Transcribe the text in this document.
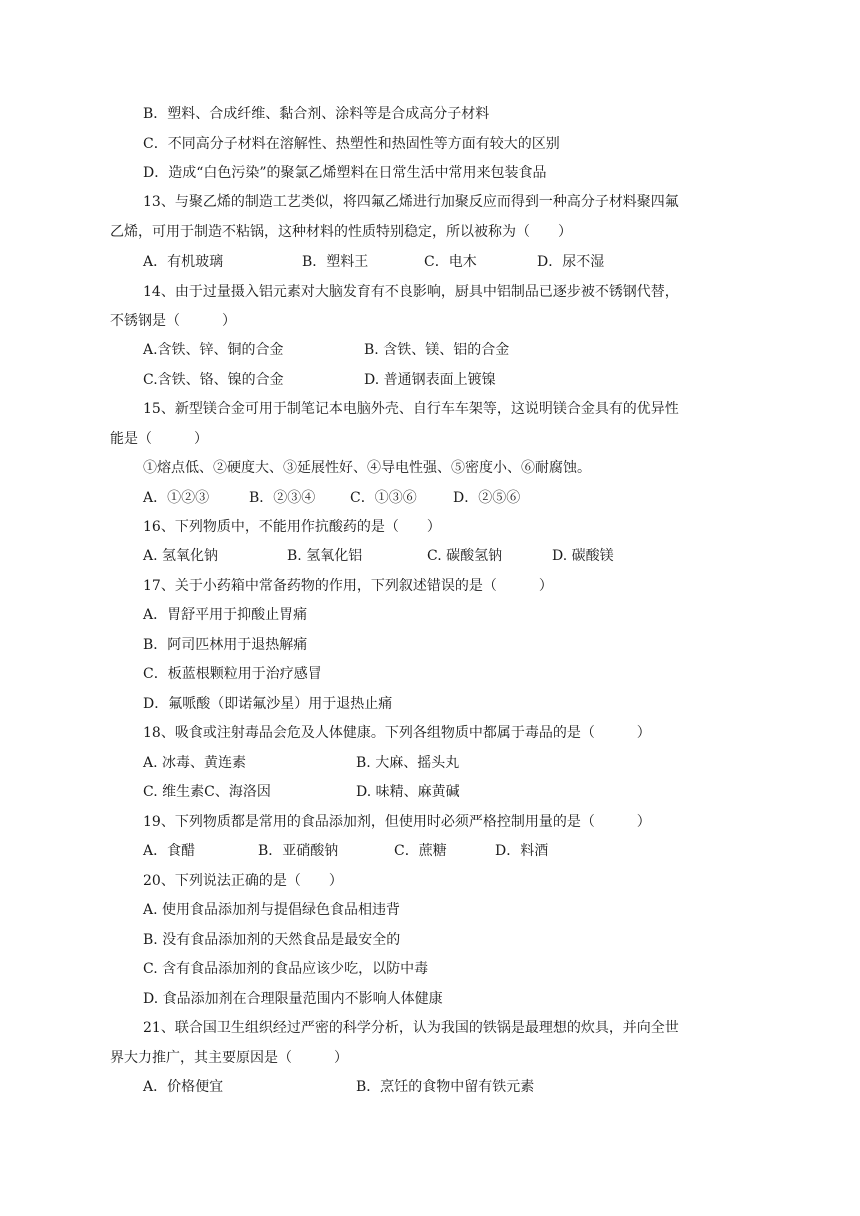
B．塑料、合成纤维、黏合剂、涂料等是合成高分子材料
C．不同高分子材料在溶解性、热塑性和热固性等方面有较大的区别
D．造成“白色污染”的聚氯乙烯塑料在日常生活中常用来包装食品
13、与聚乙烯的制造工艺类似，将四氟乙烯进行加聚反应而得到一种高分子材料聚四氟
乙烯，可用于制造不粘锅，这种材料的性质特别稳定，所以被称为（　　）
A．有机玻璃	B．塑料王	C．电木	D．尿不湿
14、由于过量摄入铝元素对大脑发育有不良影响，厨具中铝制品已逐步被不锈钢代替，
不锈钢是（　　　）
A.含铁、锌、铜的合金	B. 含铁、镁、铝的合金
C.含铁、铬、镍的合金	D. 普通钢表面上镀镍
15、新型镁合金可用于制笔记本电脑外壳、自行车车架等，这说明镁合金具有的优异性
能是（　　　）
①熔点低、②硬度大、③延展性好、④导电性强、⑤密度小、⑥耐腐蚀。
A．①②③	B．②③④ C．①③⑥	D．②⑤⑥
16、下列物质中，不能用作抗酸药的是（　　）
A. 氢氧化钠	B. 氢氧化铝	C. 碳酸氢钠	D. 碳酸镁
17、关于小药箱中常备药物的作用，下列叙述错误的是（　　　）
A．胃舒平用于抑酸止胃痛
B．阿司匹林用于退热解痛
C．板蓝根颗粒用于治疗感冒
D．氟哌酸（即诺氟沙星）用于退热止痛
18、吸食或注射毒品会危及人体健康。下列各组物质中都属于毒品的是（　　　）
A. 冰毒、黄连素	B. 大麻、摇头丸
C. 维生素C、海洛因	D. 味精、麻黄碱
19、下列物质都是常用的食品添加剂，但使用时必须严格控制用量的是（　　　）
A．食醋	B．亚硝酸钠	C．蔗糖	D．料酒
20、下列说法正确的是（　　）
A. 使用食品添加剂与提倡绿色食品相违背
B. 没有食品添加剂的天然食品是最安全的
C. 含有食品添加剂的食品应该少吃，以防中毒
D. 食品添加剂在合理限量范围内不影响人体健康
21、联合国卫生组织经过严密的科学分析，认为我国的铁锅是最理想的炊具，并向全世
界大力推广，其主要原因是（　　　）
A．价格便宜	B．烹饪的食物中留有铁元素
